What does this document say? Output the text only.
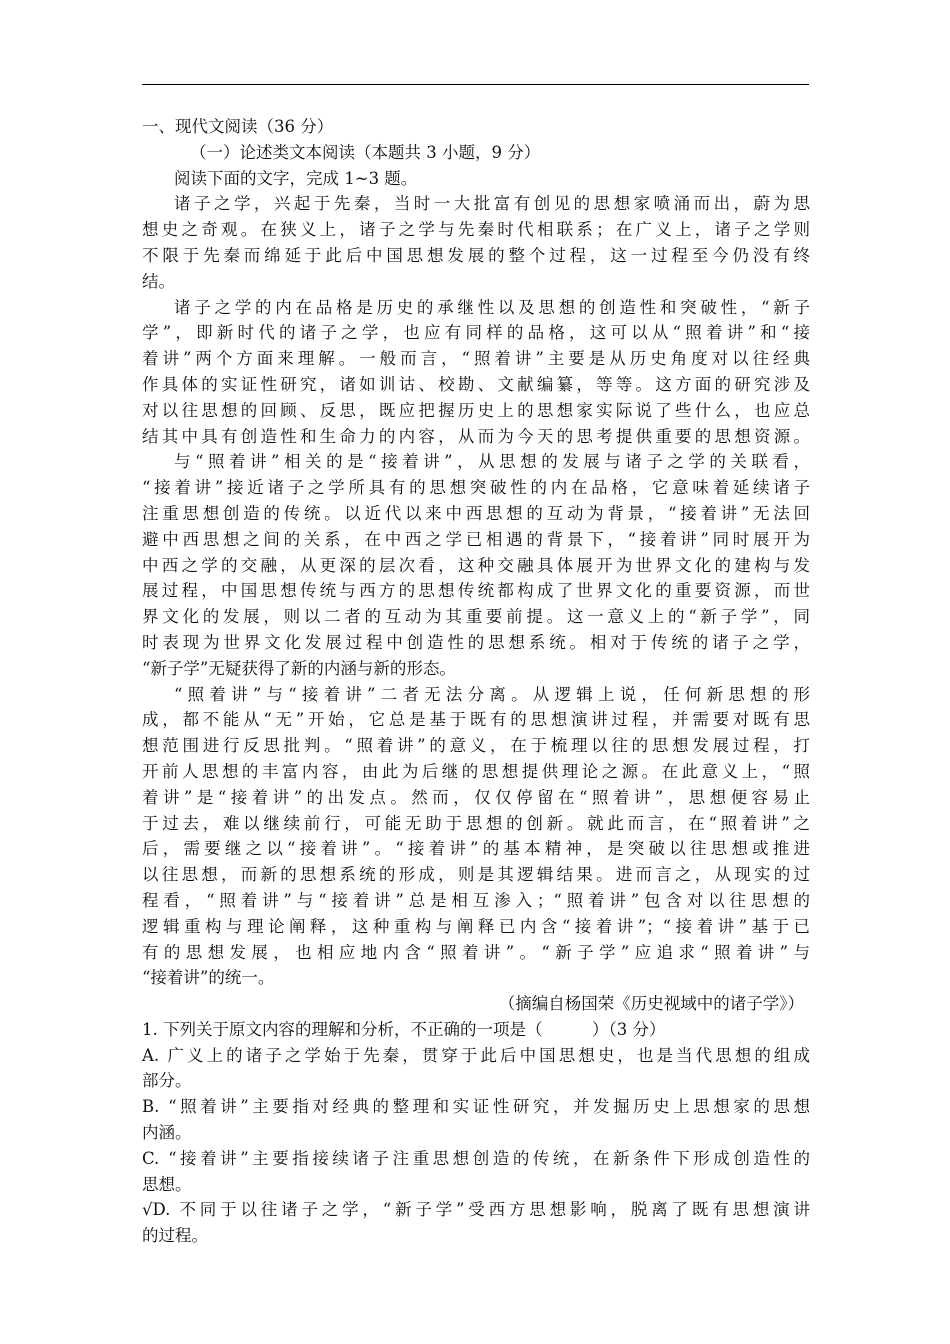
一、现代文阅读（36 分）
（一）论述类文本阅读（本题共 3 小题，9 分）
阅读下面的文字，完成 1~3 题。
诸子之学，兴起于先秦，当时一大批富有创见的思想家喷涌而出，蔚为思
想史之奇观。在狭义上，诸子之学与先秦时代相联系；在广义上，诸子之学则
不限于先秦而绵延于此后中国思想发展的整个过程，这一过程至今仍没有终
结。
诸子之学的内在品格是历史的承继性以及思想的创造性和突破性，“新子
学”，即新时代的诸子之学，也应有同样的品格，这可以从“照着讲”和“接
着讲”两个方面来理解。一般而言，“照着讲”主要是从历史角度对以往经典
作具体的实证性研究，诸如训诂、校勘、文献编纂，等等。这方面的研究涉及
对以往思想的回顾、反思，既应把握历史上的思想家实际说了些什么，也应总
结其中具有创造性和生命力的内容，从而为今天的思考提供重要的思想资源。
与“照着讲”相关的是“接着讲”，从思想的发展与诸子之学的关联看，
“接着讲”接近诸子之学所具有的思想突破性的内在品格，它意味着延续诸子
注重思想创造的传统。以近代以来中西思想的互动为背景，“接着讲”无法回
避中西思想之间的关系，在中西之学已相遇的背景下，“接着讲”同时展开为
中西之学的交融，从更深的层次看，这种交融具体展开为世界文化的建构与发
展过程，中国思想传统与西方的思想传统都构成了世界文化的重要资源，而世
界文化的发展，则以二者的互动为其重要前提。这一意义上的“新子学”，同
时表现为世界文化发展过程中创造性的思想系统。相对于传统的诸子之学，
“新子学”无疑获得了新的内涵与新的形态。
“照着讲”与“接着讲”二者无法分离。从逻辑上说，任何新思想的形
成，都不能从“无”开始，它总是基于既有的思想演讲过程，并需要对既有思
想范围进行反思批判。“照着讲”的意义，在于梳理以往的思想发展过程，打
开前人思想的丰富内容，由此为后继的思想提供理论之源。在此意义上，“照
着讲”是“接着讲”的出发点。然而，仅仅停留在“照着讲”，思想便容易止
于过去，难以继续前行，可能无助于思想的创新。就此而言，在“照着讲”之
后，需要继之以“接着讲”。“接着讲”的基本精神，是突破以往思想或推进
以往思想，而新的思想系统的形成，则是其逻辑结果。进而言之，从现实的过
程看，“照着讲”与“接着讲”总是相互渗入；“照着讲”包含对以往思想的
逻辑重构与理论阐释，这种重构与阐释已内含“接着讲”；“接着讲”基于已
有的思想发展，也相应地内含“照着讲”。“新子学”应追求“照着讲”与
“接着讲”的统一。
（摘编自杨国荣《历史视域中的诸子学》）
1. 下列关于原文内容的理解和分析，不正确的一项是（　　　）（3 分）
A. 广义上的诸子之学始于先秦，贯穿于此后中国思想史，也是当代思想的组成
部分。
B. “照着讲”主要指对经典的整理和实证性研究，并发掘历史上思想家的思想
内涵。
C. “接着讲”主要指接续诸子注重思想创造的传统，在新条件下形成创造性的
思想。
√D. 不同于以往诸子之学，“新子学”受西方思想影响，脱离了既有思想演讲
的过程。
